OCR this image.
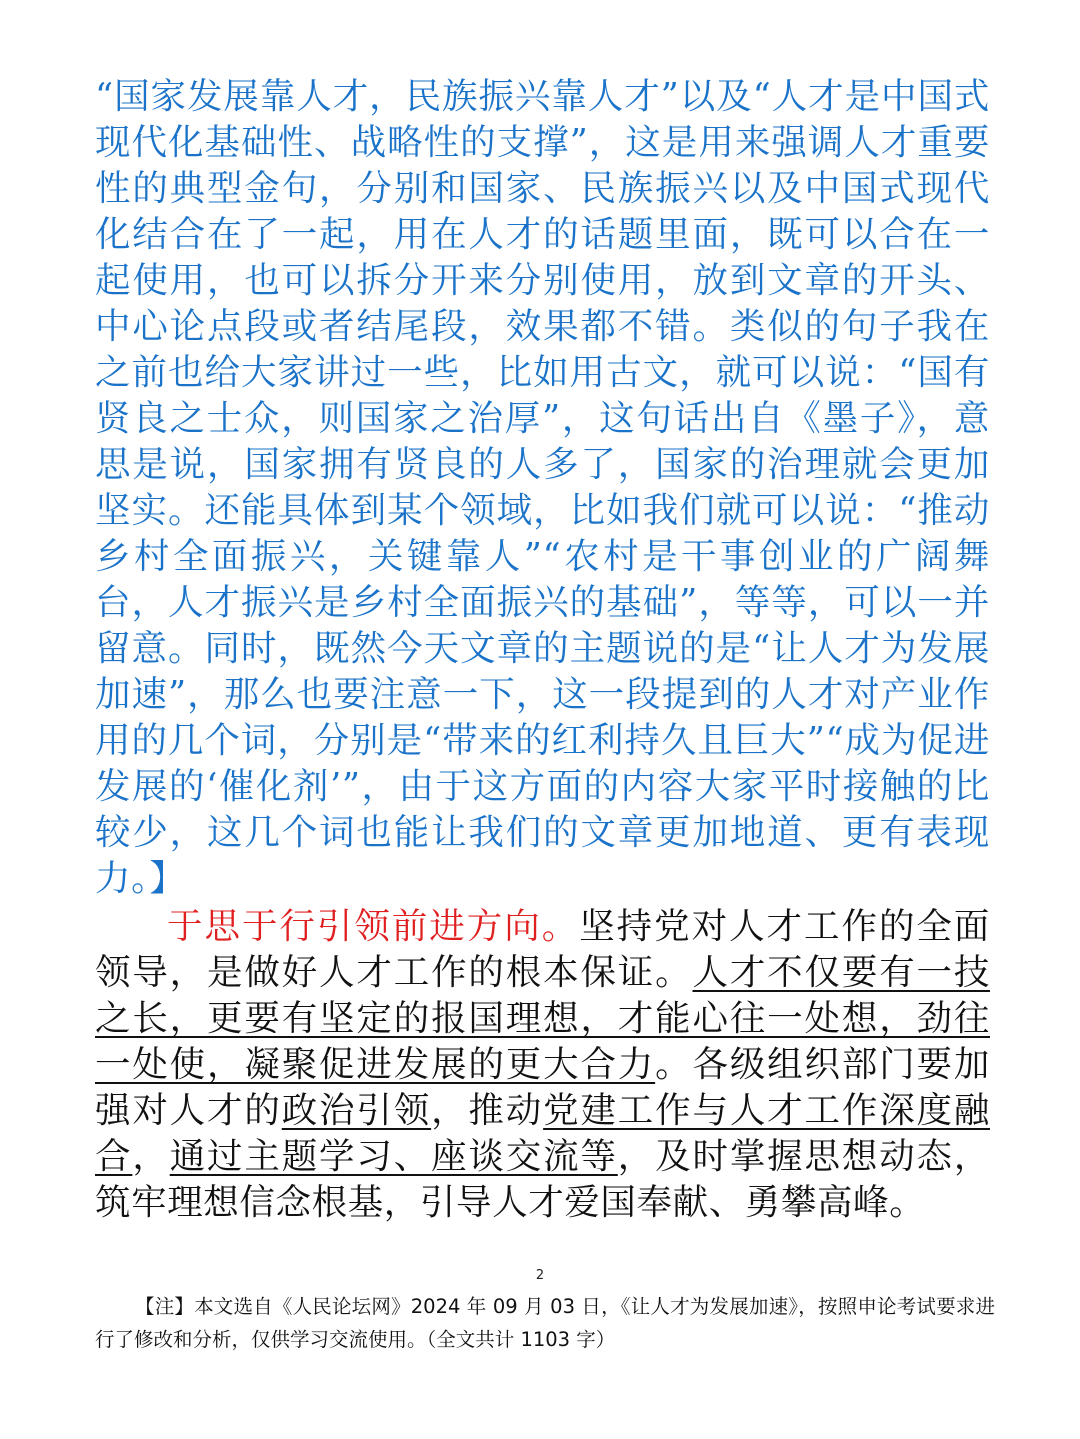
“国家发展靠人才，民族振兴靠人才”以及“人才是中国式现代化基础性、战略性的支撑”，这是用来强调人才重要性的典型金句，分别和国家、民族振兴以及中国式现代化结合在了一起，用在人才的话题里面，既可以合在一起使用，也可以拆分开来分别使用，放到文章的开头、中心论点段或者结尾段，效果都不错。类似的句子我在之前也给大家讲过一些，比如用古文，就可以说：“国有贤良之士众，则国家之治厚”，这句话出自《墨子》，意思是说，国家拥有贤良的人多了，国家的治理就会更加坚实。还能具体到某个领域，比如我们就可以说：“推动乡村全面振兴，关键靠人”“农村是干事创业的广阔舞台，人才振兴是乡村全面振兴的基础”，等等，可以一并留意。同时，既然今天文章的主题说的是“让人才为发展加速”，那么也要注意一下，这一段提到的人才对产业作用的几个词，分别是“带来的红利持久且巨大”“成为促进发展的‘催化剂’”，由于这方面的内容大家平时接触的比较少，这几个词也能让我们的文章更加地道、更有表现力。】

于思于行引领前进方向。坚持党对人才工作的全面领导，是做好人才工作的根本保证。人才不仅要有一技之长，更要有坚定的报国理想，才能心往一处想，劲往一处使，凝聚促进发展的更大合力。各级组织部门要加强对人才的政治引领，推动党建工作与人才工作深度融合，通过主题学习、座谈交流等，及时掌握思想动态，筑牢理想信念根基，引导人才爱国奉献、勇攀高峰。

2

【注】本文选自《人民论坛网》2024 年 09 月 03 日，《让人才为发展加速》，按照申论考试要求进行了修改和分析，仅供学习交流使用。（全文共计 1103 字）
